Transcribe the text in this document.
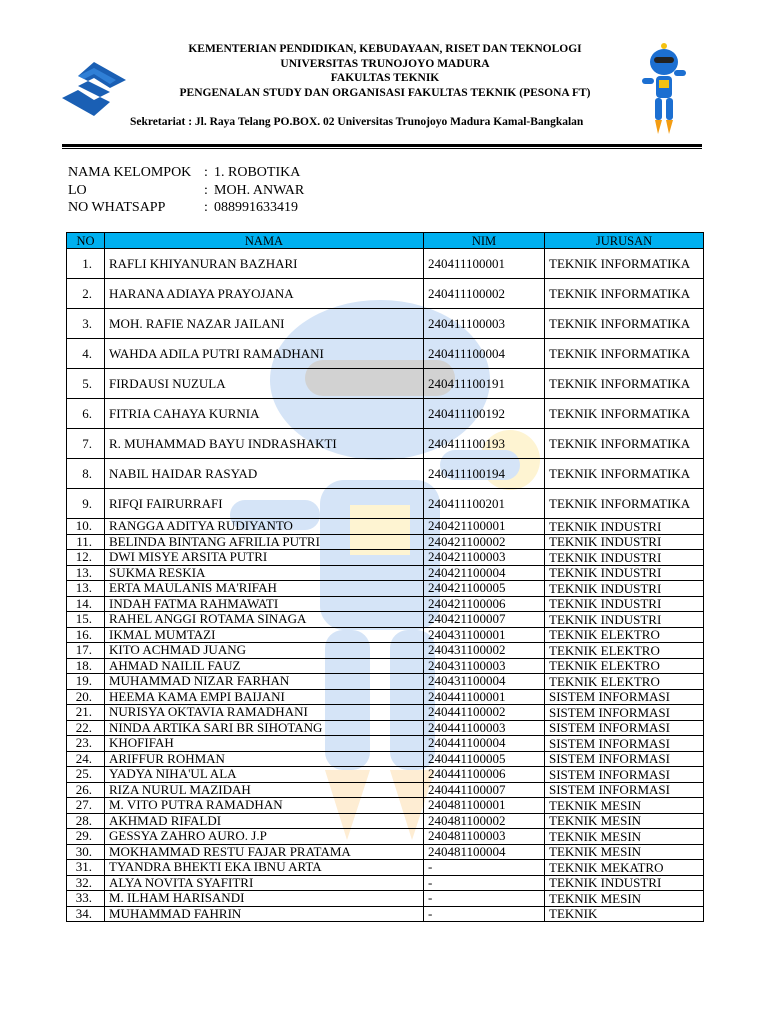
KEMENTERIAN PENDIDIKAN, KEBUDAYAAN, RISET DAN TEKNOLOGI
UNIVERSITAS TRUNOJOYO MADURA
FAKULTAS TEKNIK
PENGENALAN STUDY DAN ORGANISASI FAKULTAS TEKNIK (PESONA FT)
Sekretariat : Jl. Raya Telang PO.BOX. 02 Universitas Trunojoyo Madura Kamal-Bangkalan
NAMA KELOMPOK : 1. ROBOTIKA
LO	: MOH. ANWAR
NO WHATSAPP	: 088991633419
NO	NAMA	NIM	JURUSAN
1.	RAFLI KHIYANURAN BAZHARI	240411100001	TEKNIK INFORMATIKA
2.	HARANA ADIAYA PRAYOJANA	240411100002	TEKNIK INFORMATIKA
3.	MOH. RAFIE NAZAR JAILANI	240411100003	TEKNIK INFORMATIKA
4.	WAHDA ADILA PUTRI RAMADHANI	240411100004	TEKNIK INFORMATIKA
5.	FIRDAUSI NUZULA	240411100191	TEKNIK INFORMATIKA
6.	FITRIA CAHAYA KURNIA	240411100192	TEKNIK INFORMATIKA
7.	R. MUHAMMAD BAYU INDRASHAKTI	240411100193	TEKNIK INFORMATIKA
8.	NABIL HAIDAR RASYAD	240411100194	TEKNIK INFORMATIKA
9.	RIFQI FAIRURRAFI	240411100201	TEKNIK INFORMATIKA
10.	RANGGA ADITYA RUDIYANTO	240421100001	TEKNIK INDUSTRI
11.	BELINDA BINTANG AFRILIA PUTRI	240421100002	TEKNIK INDUSTRI
12.	DWI MISYE ARSITA PUTRI	240421100003	TEKNIK INDUSTRI
13.	SUKMA RESKIA	240421100004	TEKNIK INDUSTRI
13.	ERTA MAULANIS MA'RIFAH	240421100005	TEKNIK INDUSTRI
14.	INDAH FATMA RAHMAWATI	240421100006	TEKNIK INDUSTRI
15.	RAHEL ANGGI ROTAMA SINAGA	240421100007	TEKNIK INDUSTRI
16.	IKMAL MUMTAZI	240431100001	TEKNIK ELEKTRO
17.	KITO ACHMAD JUANG	240431100002	TEKNIK ELEKTRO
18.	AHMAD NAILIL FAUZ	240431100003	TEKNIK ELEKTRO
19.	MUHAMMAD NIZAR FARHAN	240431100004	TEKNIK ELEKTRO
20.	HEEMA KAMA EMPI BAIJANI	240441100001	SISTEM INFORMASI
21.	NURISYA OKTAVIA RAMADHANI	240441100002	SISTEM INFORMASI
22.	NINDA ARTIKA SARI BR SIHOTANG	240441100003	SISTEM INFORMASI
23.	KHOFIFAH	240441100004	SISTEM INFORMASI
24.	ARIFFUR ROHMAN	240441100005	SISTEM INFORMASI
25.	YADYA NIHA'UL ALA	240441100006	SISTEM INFORMASI
26.	RIZA NURUL MAZIDAH	240441100007	SISTEM INFORMASI
27.	M. VITO PUTRA RAMADHAN	240481100001	TEKNIK MESIN
28.	AKHMAD RIFALDI	240481100002	TEKNIK MESIN
29.	GESSYA ZAHRO AURO. J.P	240481100003	TEKNIK MESIN
30.	MOKHAMMAD RESTU FAJAR PRATAMA	240481100004	TEKNIK MESIN
31.	TYANDRA BHEKTI EKA IBNU ARTA	-	TEKNIK MEKATRO
32.	ALYA NOVITA SYAFITRI	-	TEKNIK INDUSTRI
33.	M. ILHAM HARISANDI	-	TEKNIK MESIN
34.	MUHAMMAD FAHRIN	-	TEKNIK
